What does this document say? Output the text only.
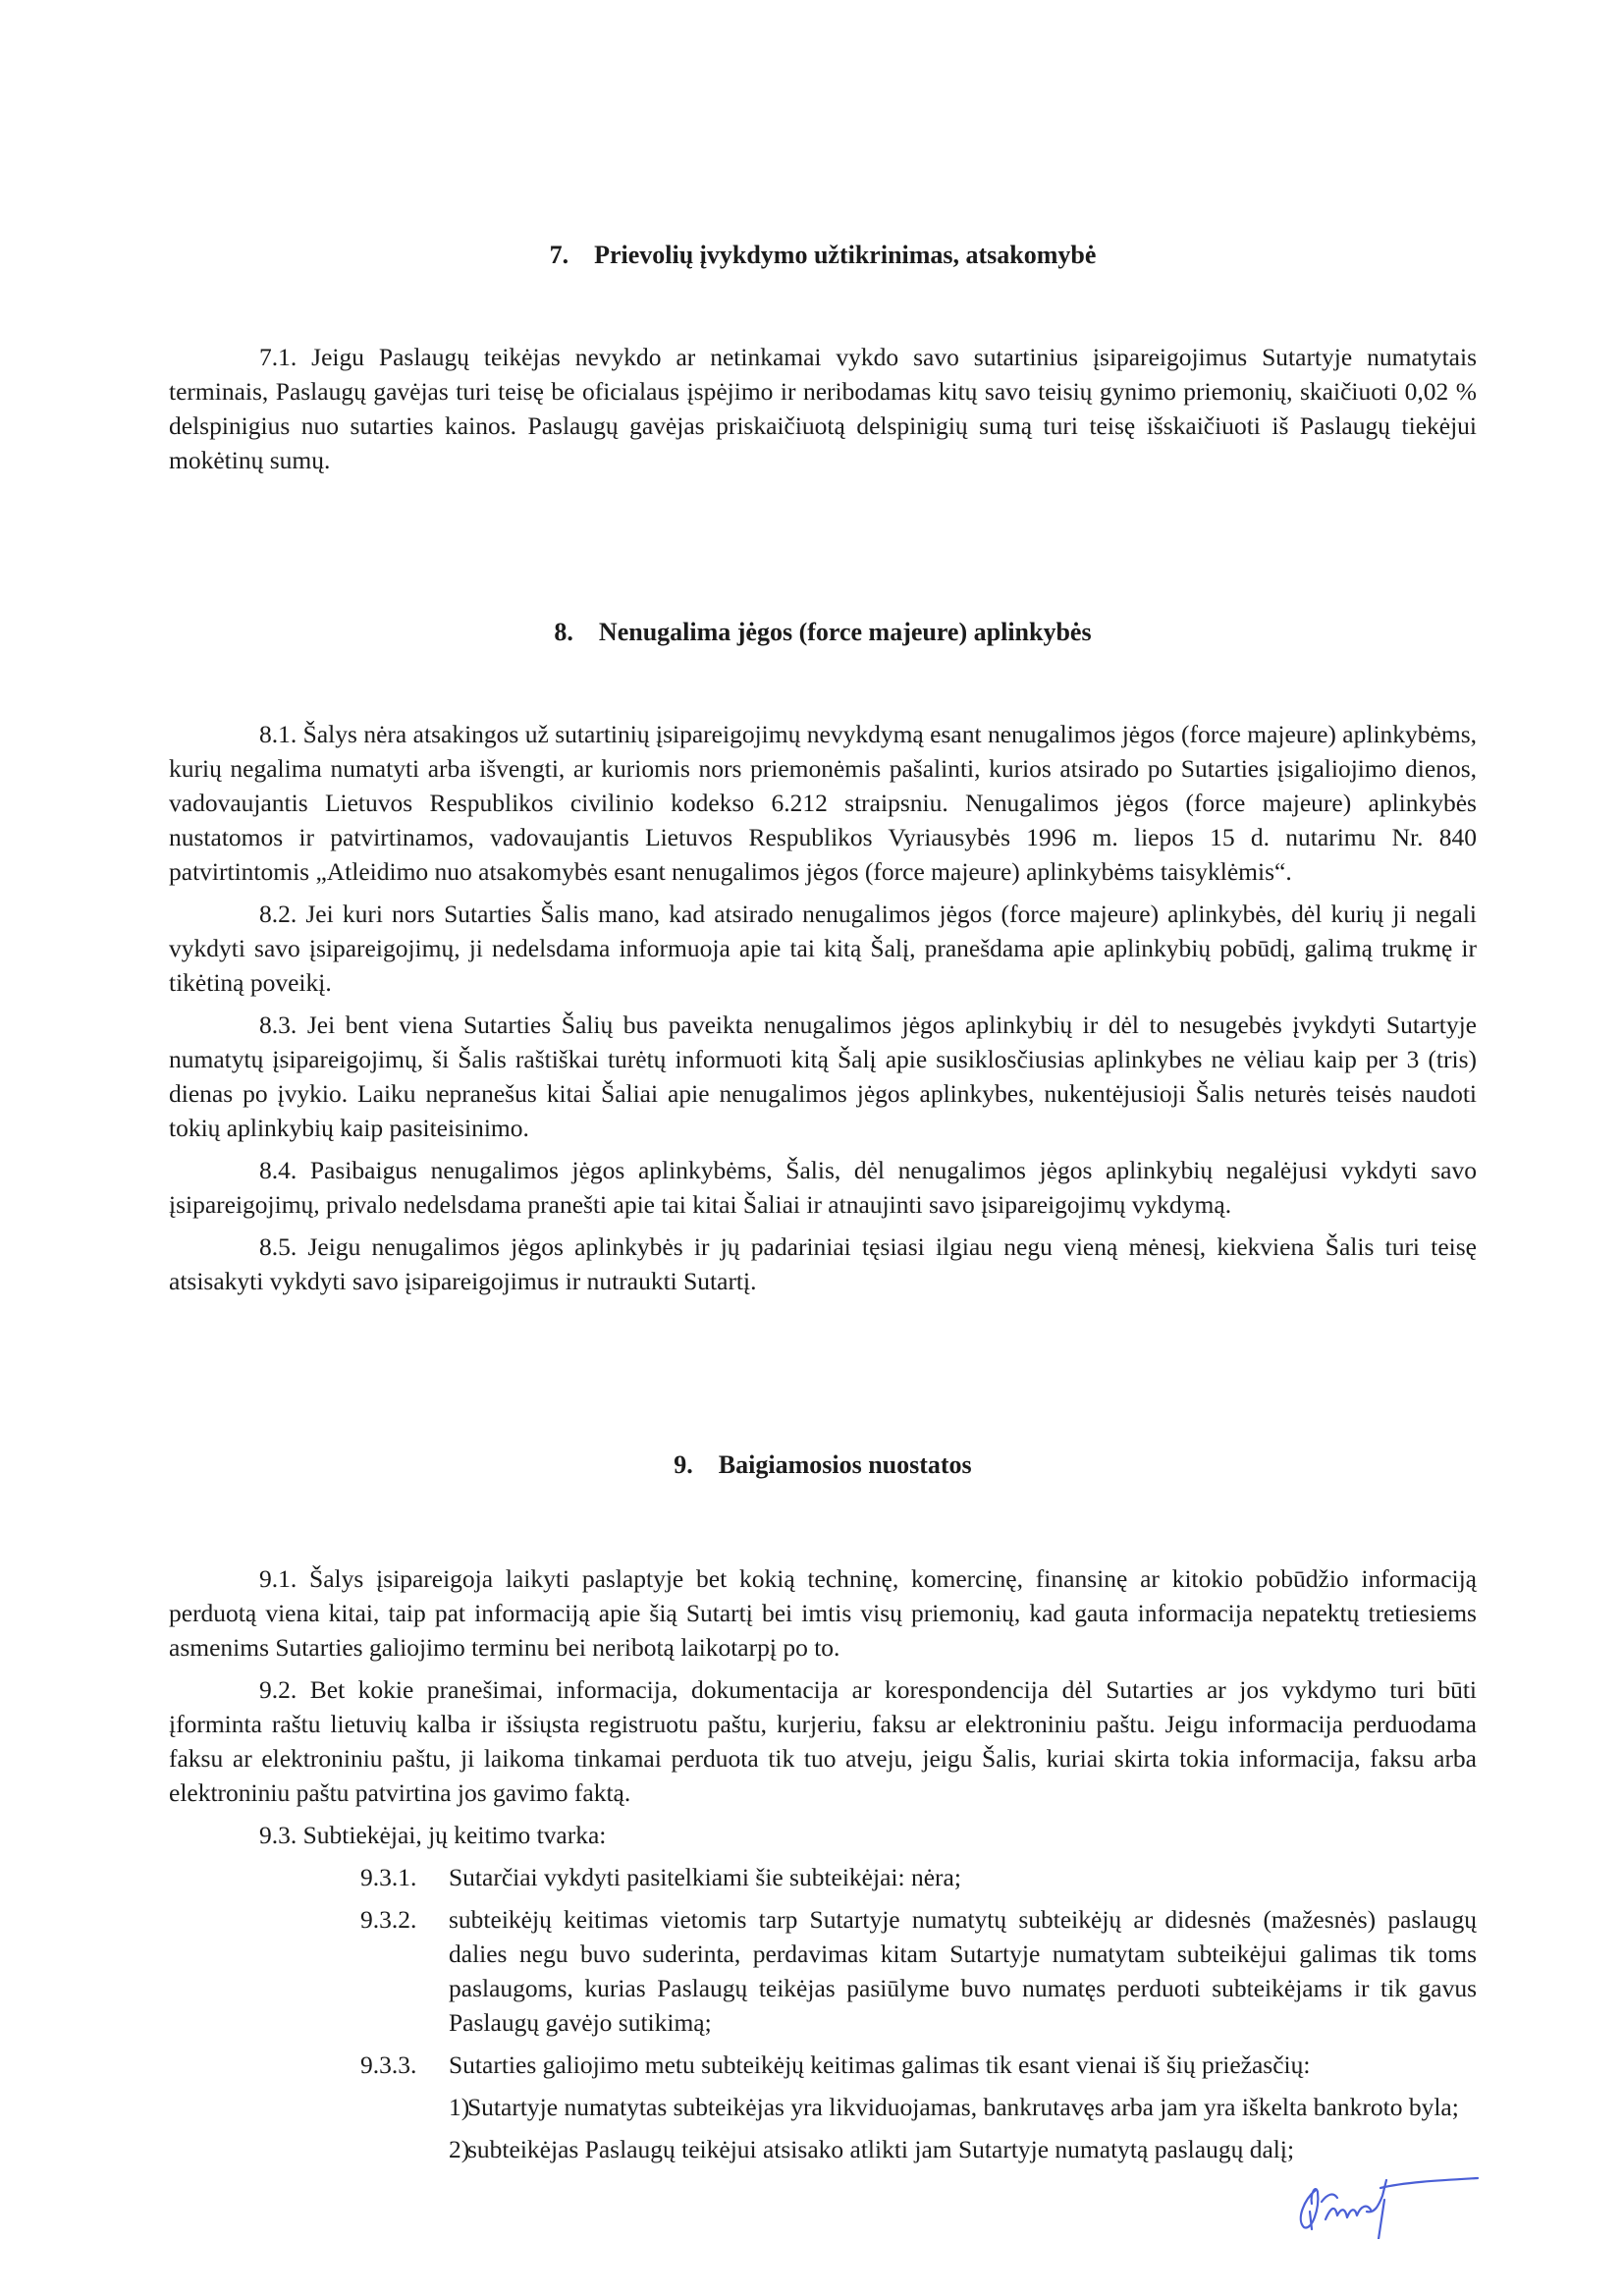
7. Prievolių įvykdymo užtikrinimas, atsakomybė

7.1. Jeigu Paslaugų teikėjas nevykdo ar netinkamai vykdo savo sutartinius įsipareigojimus Sutartyje numatytais terminais, Paslaugų gavėjas turi teisę be oficialaus įspėjimo ir neribodamas kitų savo teisių gynimo priemonių, skaičiuoti 0,02 % delspinigius nuo sutarties kainos. Paslaugų gavėjas priskaičiuotą delspinigių sumą turi teisę išskaičiuoti iš Paslaugų tiekėjui mokėtinų sumų.

8. Nenugalima jėgos (force majeure) aplinkybės

8.1. Šalys nėra atsakingos už sutartinių įsipareigojimų nevykdymą esant nenugalimos jėgos (force majeure) aplinkybėms, kurių negalima numatyti arba išvengti, ar kuriomis nors priemonėmis pašalinti, kurios atsirado po Sutarties įsigaliojimo dienos, vadovaujantis Lietuvos Respublikos civilinio kodekso 6.212 straipsniu. Nenugalimos jėgos (force majeure) aplinkybės nustatomos ir patvirtinamos, vadovaujantis Lietuvos Respublikos Vyriausybės 1996 m. liepos 15 d. nutarimu Nr. 840 patvirtintomis „Atleidimo nuo atsakomybės esant nenugalimos jėgos (force majeure) aplinkybėms taisyklėmis“.

8.2. Jei kuri nors Sutarties Šalis mano, kad atsirado nenugalimos jėgos (force majeure) aplinkybės, dėl kurių ji negali vykdyti savo įsipareigojimų, ji nedelsdama informuoja apie tai kitą Šalį, pranešdama apie aplinkybių pobūdį, galimą trukmę ir tikėtiną poveikį.

8.3. Jei bent viena Sutarties Šalių bus paveikta nenugalimos jėgos aplinkybių ir dėl to nesugebės įvykdyti Sutartyje numatytų įsipareigojimų, ši Šalis raštiškai turėtų informuoti kitą Šalį apie susiklosčiusias aplinkybes ne vėliau kaip per 3 (tris) dienas po įvykio. Laiku nepranešus kitai Šaliai apie nenugalimos jėgos aplinkybes, nukentėjusioji Šalis neturės teisės naudoti tokių aplinkybių kaip pasiteisinimo.

8.4. Pasibaigus nenugalimos jėgos aplinkybėms, Šalis, dėl nenugalimos jėgos aplinkybių negalėjusi vykdyti savo įsipareigojimų, privalo nedelsdama pranešti apie tai kitai Šaliai ir atnaujinti savo įsipareigojimų vykdymą.

8.5. Jeigu nenugalimos jėgos aplinkybės ir jų padariniai tęsiasi ilgiau negu vieną mėnesį, kiekviena Šalis turi teisę atsisakyti vykdyti savo įsipareigojimus ir nutraukti Sutartį.

9. Baigiamosios nuostatos

9.1. Šalys įsipareigoja laikyti paslaptyje bet kokią techninę, komercinę, finansinę ar kitokio pobūdžio informaciją perduotą viena kitai, taip pat informaciją apie šią Sutartį bei imtis visų priemonių, kad gauta informacija nepatektų tretiesiems asmenims Sutarties galiojimo terminu bei neribotą laikotarpį po to.

9.2. Bet kokie pranešimai, informacija, dokumentacija ar korespondencija dėl Sutarties ar jos vykdymo turi būti įforminta raštu lietuvių kalba ir išsiųsta registruotu paštu, kurjeriu, faksu ar elektroniniu paštu. Jeigu informacija perduodama faksu ar elektroniniu paštu, ji laikoma tinkamai perduota tik tuo atveju, jeigu Šalis, kuriai skirta tokia informacija, faksu arba elektroniniu paštu patvirtina jos gavimo faktą.

9.3. Subtiekėjai, jų keitimo tvarka:

9.3.1. Sutarčiai vykdyti pasitelkiami šie subteikėjai: nėra;
9.3.2. subteikėjų keitimas vietomis tarp Sutartyje numatytų subteikėjų ar didesnės (mažesnės) paslaugų dalies negu buvo suderinta, perdavimas kitam Sutartyje numatytam subteikėjui galimas tik toms paslaugoms, kurias Paslaugų teikėjas pasiūlyme buvo numatęs perduoti subteikėjams ir tik gavus Paslaugų gavėjo sutikimą;
9.3.3. Sutarties galiojimo metu subteikėjų keitimas galimas tik esant vienai iš šių priežasčių:
1)
Sutartyje numatytas subteikėjas yra likviduojamas, bankrutavęs arba jam yra iškelta bankroto byla;
2)
subteikėjas Paslaugų teikėjui atsisako atlikti jam Sutartyje numatytą paslaugų dalį;
